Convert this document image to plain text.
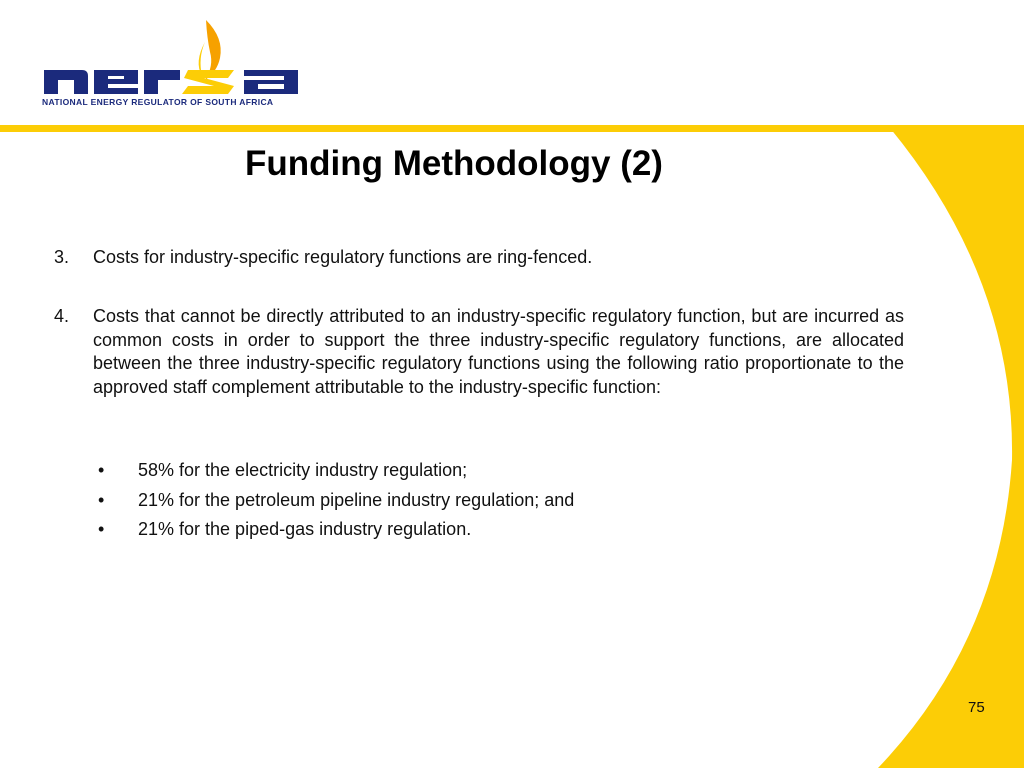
NATIONAL ENERGY REGULATOR OF SOUTH AFRICA
Funding Methodology (2)
3. Costs for industry-specific regulatory functions are ring-fenced.
4. Costs that cannot be directly attributed to an industry-specific regulatory function, but are incurred as common costs in order to support the three industry-specific regulatory functions, are allocated between the three industry-specific regulatory functions using the following ratio proportionate to the approved staff complement attributable to the industry-specific function:
• 58% for the electricity industry regulation;
• 21% for the petroleum pipeline industry regulation; and
• 21% for the piped-gas industry regulation.
75
